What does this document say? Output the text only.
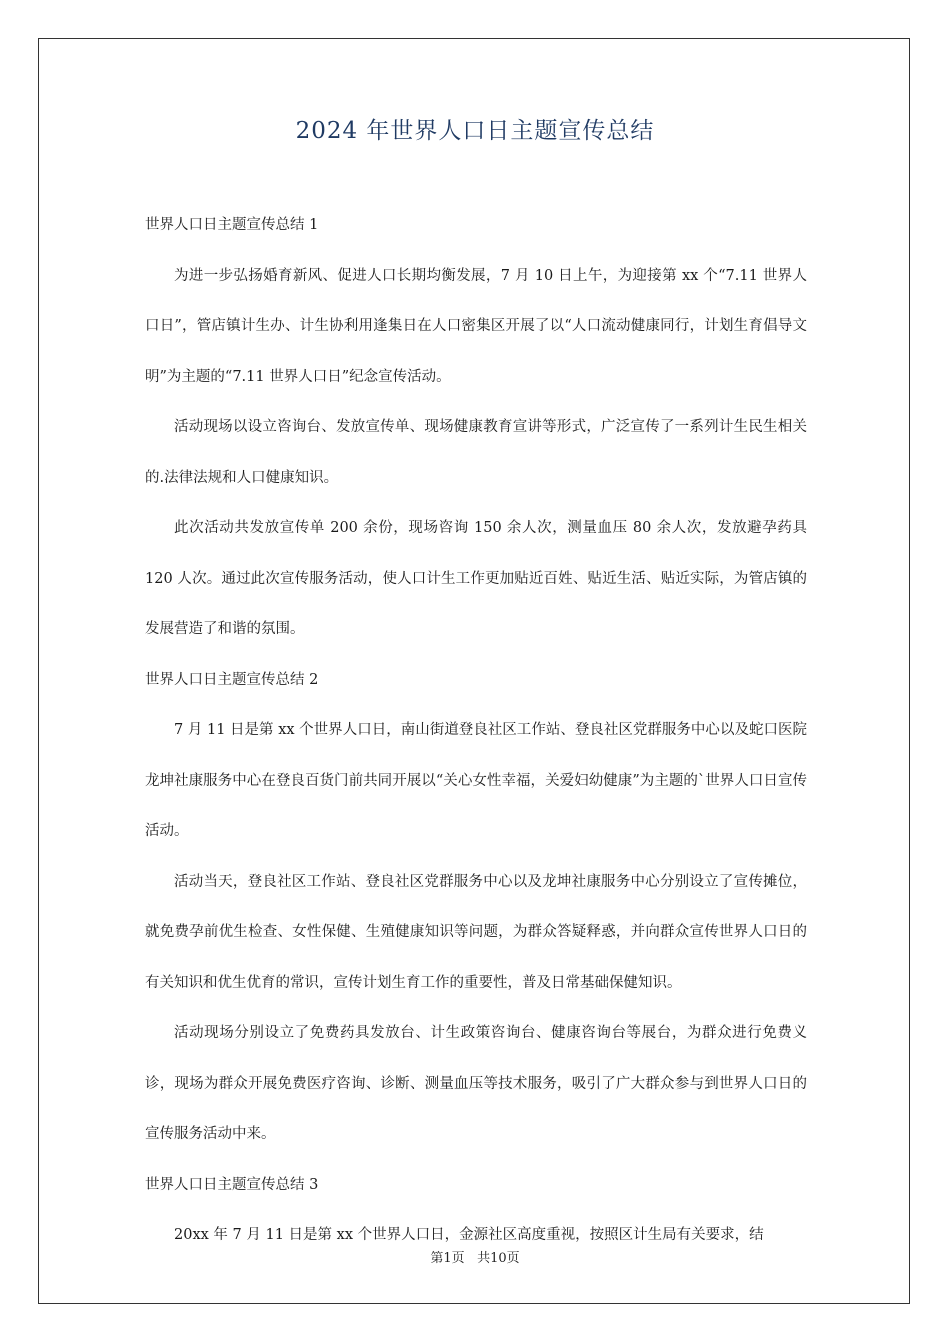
2024 年世界人口日主题宣传总结

世界人口日主题宣传总结 1

为进一步弘扬婚育新风、促进人口长期均衡发展，7 月 10 日上午，为迎接第 xx 个“7.11 世界人口日”，管店镇计生办、计生协利用逢集日在人口密集区开展了以“人口流动健康同行，计划生育倡导文明”为主题的“7.11 世界人口日”纪念宣传活动。

活动现场以设立咨询台、发放宣传单、现场健康教育宣讲等形式，广泛宣传了一系列计生民生相关的.法律法规和人口健康知识。

此次活动共发放宣传单 200 余份，现场咨询 150 余人次，测量血压 80 余人次，发放避孕药具 120 人次。通过此次宣传服务活动，使人口计生工作更加贴近百姓、贴近生活、贴近实际，为管店镇的发展营造了和谐的氛围。

世界人口日主题宣传总结 2

7 月 11 日是第 xx 个世界人口日，南山街道登良社区工作站、登良社区党群服务中心以及蛇口医院龙坤社康服务中心在登良百货门前共同开展以“关心女性幸福，关爱妇幼健康”为主题的`世界人口日宣传活动。

活动当天，登良社区工作站、登良社区党群服务中心以及龙坤社康服务中心分别设立了宣传摊位，就免费孕前优生检查、女性保健、生殖健康知识等问题，为群众答疑释惑，并向群众宣传世界人口日的有关知识和优生优育的常识，宣传计划生育工作的重要性，普及日常基础保健知识。

活动现场分别设立了免费药具发放台、计生政策咨询台、健康咨询台等展台，为群众进行免费义诊，现场为群众开展免费医疗咨询、诊断、测量血压等技术服务，吸引了广大群众参与到世界人口日的宣传服务活动中来。

世界人口日主题宣传总结 3

20xx 年 7 月 11 日是第 xx 个世界人口日，金源社区高度重视，按照区计生局有关要求，结

第1页 共10页
